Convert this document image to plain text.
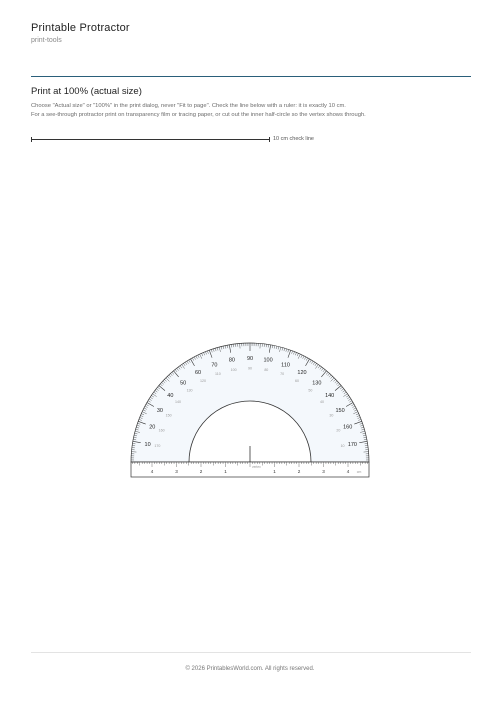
Printable Protractor
print-tools
Print at 100% (actual size)
Choose "Actual size" or "100%" in the print dialog, never "Fit to page". Check the line below with a ruler: it is exactly 10 cm.
For a see-through protractor print on transparency film or tracing paper, or cut out the inner half-circle so the vertex shows through.
10 cm check line
10 170
20 160
30
150
40
140
50
130
60
120
70
110
80
100
90
90
100
80
110
70 120
60 130
50
140
40
150
30
160
20
170
10
vertex
4	3	2	1	1	2	3	4 cm
© 2026 PrintablesWorld.com. All rights reserved.
